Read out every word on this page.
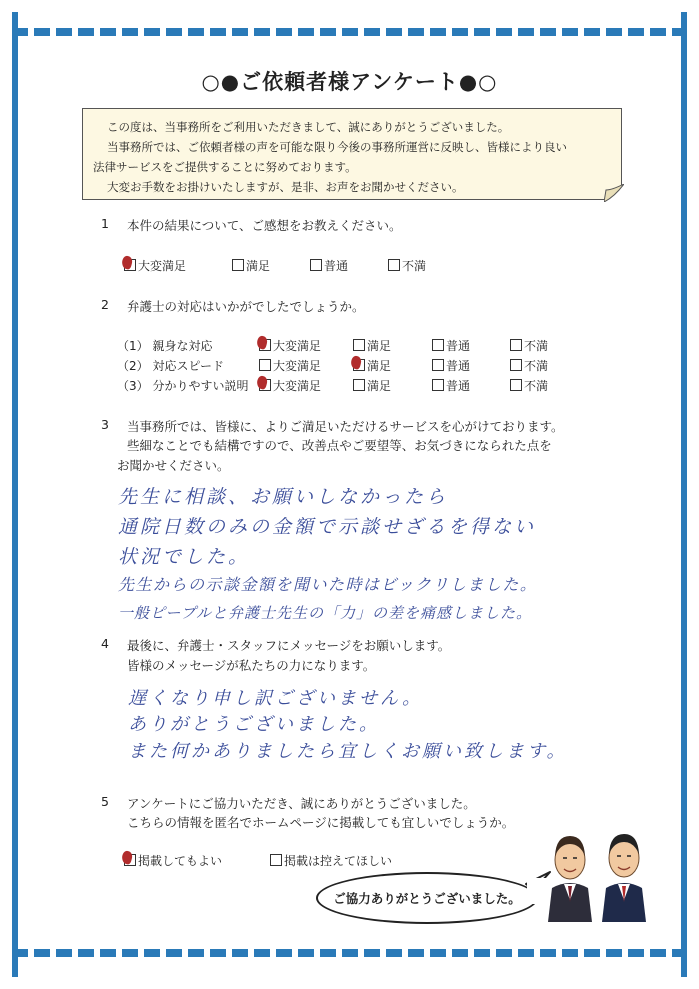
○●ご依頼者様アンケート●○

この度は、当事務所をご利用いただきまして、誠にありがとうございました。

当事務所では、ご依頼者様の声を可能な限り今後の事務所運営に反映し、皆様により良い

法律サービスをご提供することに努めております。

大変お手数をお掛けいたしますが、是非、お声をお聞かせください。

1 本件の結果について、ご感想をお教えください。
大変満足	満足	普通	不満
2 弁護士の対応はいかがでしたでしょうか。
（1） 親身な対応	大変満足	満足	普通	不満
（2） 対応スピード	大変満足	満足	普通	不満
（3） 分かりやすい説明	大変満足	満足	普通	不満
3 当事務所では、皆様に、よりご満足いただけるサービスを心がけております。
些細なことでも結構ですので、改善点やご要望等、お気づきになられた点を
お聞かせください。
先生に相談、お願いしなかったら
通院日数のみの金額で示談せざるを得ない
状況でした。
先生からの示談金額を聞いた時はビックリしました。
一般ピープルと弁護士先生の「力」の差を痛感しました。
4 最後に、弁護士・スタッフにメッセージをお願いします。
皆様のメッセージが私たちの力になります。
遅くなり申し訳ございません。
ありがとうございました。
また何かありましたら宜しくお願い致します。
5 アンケートにご協力いただき、誠にありがとうございました。
こちらの情報を匿名でホームページに掲載しても宜しいでしょうか。
掲載してもよい	掲載は控えてほしい
ご協力ありがとうございました。
